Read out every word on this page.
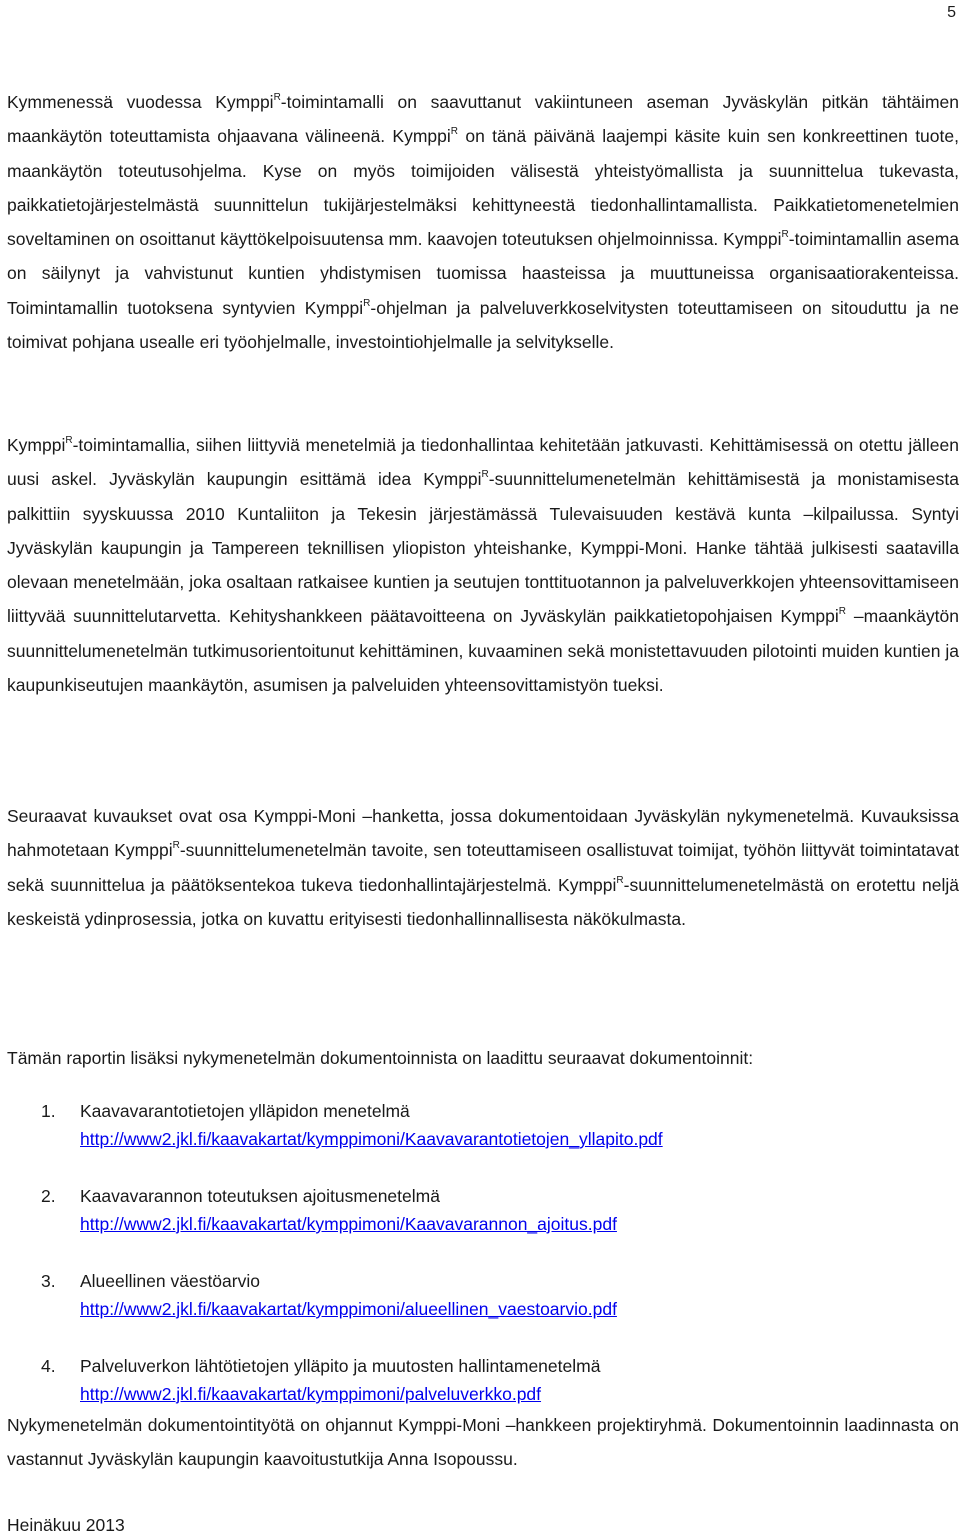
5

Kymmenessä vuodessa Kymppi$^R$-toimintamalli on saavuttanut vakiintuneen aseman Jyväskylän pitkän tähtäimen maankäytön toteuttamista ohjaavana välineenä. Kymppi$^R$ on tänä päivänä laajempi käsite kuin sen konkreettinen tuote, maankäytön toteutusohjelma. Kyse on myös toimijoiden välisestä yhteistyömallista ja suunnittelua tukevasta, paikkatietojärjestelmästä suunnittelun tukijärjestelmäksi kehittyneestä tiedonhallintamallista. Paikkatietomenetelmien soveltaminen on osoittanut käyttökelpoisuutensa mm. kaavojen toteutuksen ohjelmoinnissa. Kymppi$^R$-toimintamallin asema on säilynyt ja vahvistunut kuntien yhdistymisen tuomissa haasteissa ja muuttuneissa organisaatiorakenteissa. Toimintamallin tuotoksena syntyvien Kymppi$^R$-ohjelman ja palveluverkkoselvitysten toteuttamiseen on sitouduttu ja ne toimivat pohjana usealle eri työohjelmalle, investointiohjelmalle ja selvitykselle.

Kymppi$^R$-toimintamallia, siihen liittyviä menetelmiä ja tiedonhallintaa kehitetään jatkuvasti. Kehittämisessä on otettu jälleen uusi askel. Jyväskylän kaupungin esittämä idea Kymppi$^R$-suunnittelumenetelmän kehittämisestä ja monistamisesta palkittiin syyskuussa 2010 Kuntaliiton ja Tekesin järjestämässä Tulevaisuuden kestävä kunta –kilpailussa. Syntyi Jyväskylän kaupungin ja Tampereen teknillisen yliopiston yhteishanke, Kymppi-Moni. Hanke tähtää julkisesti saatavilla olevaan menetelmään, joka osaltaan ratkaisee kuntien ja seutujen tonttituotannon ja palveluverkkojen yhteensovittamiseen liittyvää suunnittelutarvetta. Kehityshankkeen päätavoitteena on Jyväskylän paikkatietopohjaisen Kymppi$^R$ –maankäytön suunnittelumenetelmän tutkimusorientoitunut kehittäminen, kuvaaminen sekä monistettavuuden pilotointi muiden kuntien ja kaupunkiseutujen maankäytön, asumisen ja palveluiden yhteensovittamistyön tueksi.

Seuraavat kuvaukset ovat osa Kymppi-Moni –hanketta, jossa dokumentoidaan Jyväskylän nykymenetelmä. Kuvauksissa hahmotetaan Kymppi$^R$-suunnittelumenetelmän tavoite, sen toteuttamiseen osallistuvat toimijat, työhön liittyvät toimintatavat sekä suunnittelua ja päätöksentekoa tukeva tiedonhallintajärjestelmä. Kymppi$^R$-suunnittelumenetelmästä on erotettu neljä keskeistä ydinprosessia, jotka on kuvattu erityisesti tiedonhallinnallisesta näkökulmasta.

Tämän raportin lisäksi nykymenetelmän dokumentoinnista on laadittu seuraavat dokumentoinnit:

1. Kaavavarantotietojen ylläpidon menetelmä
http://www2.jkl.fi/kaavakartat/kymppimoni/Kaavavarantotietojen_yllapito.pdf
2. Kaavavarannon toteutuksen ajoitusmenetelmä
http://www2.jkl.fi/kaavakartat/kymppimoni/Kaavavarannon_ajoitus.pdf
3. Alueellinen väestöarvio
http://www2.jkl.fi/kaavakartat/kymppimoni/alueellinen_vaestoarvio.pdf
4. Palveluverkon lähtötietojen ylläpito ja muutosten hallintamenetelmä
http://www2.jkl.fi/kaavakartat/kymppimoni/palveluverkko.pdf

Nykymenetelmän dokumentointityötä on ohjannut Kymppi-Moni –hankkeen projektiryhmä. Dokumentoinnin laadinnasta on vastannut Jyväskylän kaupungin kaavoitustutkija Anna Isopoussu.

Heinäkuu 2013
